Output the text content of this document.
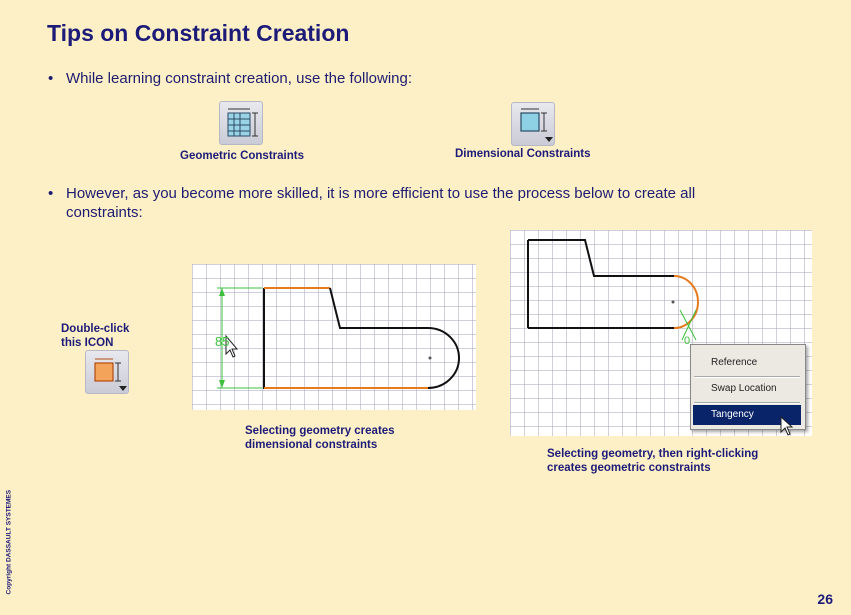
Tips on Constraint Creation
• While learning constraint creation, use the following:
Geometric Constraints	Dimensional Constraints
• However, as you become more skilled, it is more efficient to use the process below to create all constraints:
Double-click this ICON	85
Selecting geometry creates dimensional constraints
0
Reference
Swap Location
Tangency
Selecting geometry, then right-clicking creates geometric constraints
Copyright DASSAULT SYSTEMES
26
